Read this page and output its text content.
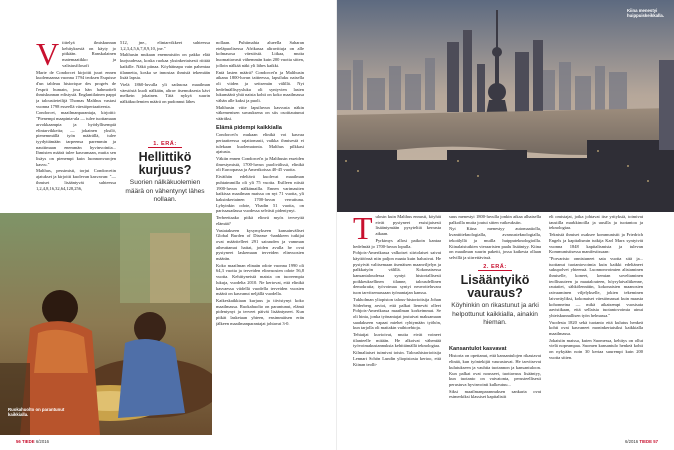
Viittelyä ilmiskunnan kehityksestä on käyty jo pitkään. Ranskalainen matemaatikko ja valistusfilosofi

Marie de Condorcet kirjoitti juuri ennen kuolemaansa vuonna 1794 teoksen Esquisse d'un tableau historique des progrès de l'esprit humain, josa hän hahmotteli ihmiskunnan edistystä. Englantilainen pappi ja taloustieteilijä Thomas Malthus vastasi vuonna 1798 esseellä väestöperiaatteesta.

Condorcet, maailmanparantaja, kirjoitti: "Pienempi maapinta-ala — tulee tuottamaan arvokkaampia ja hyödyllisempiä elintarvikkeita; — jokainen yksilö, pienemmällä työn määrällä, tulee tyydyttämään tarpeensa paremmin ja nauttimaan enemmän hyvinvointia... Ihmisten määrä tulee kasvamaan, mutta sen lisäys on pienempi kuin luonnonvarojen kasvu."

Malthus, pessimisti, torjui Condorcetin ajatukset ja kirjoitti kuolevan kasvavan: "— ihmiset lisääntyvät suhteessa 1,2,4,8,16,32,64,128,256,

512, jne., elintarvikkeet suhteessa 1,2,3,4,5,6,7,8,9,10, jne."

Malthusin mukaan enemmistön on pakko elää kurjuudessa, koska ruokaa yksinkertaisesti riittää kaikille. Näkä piinaa. Köyhäinapu vain pahentaa tilannetta, koska se innostaa ihmisiä tekemään lisää lapsia.

Vielä 1860-luvulla yli sadasosa maailman väestöstä kuoli nälkään, alirav itsemuksesta kävi melkein jokainen. Tätä nykyä suurin nälkäkuolemien määrä on pudonnut lähes

1. ERÄ:
Hellittikö
kurjuus?
Suorien nälkäkuolemien määrä on vähentynyt lähes nollaan.

nollaan. Puhtimahia alueella Saharan eteläpuolisessa Afrikassa aliravittuja on alle kolmasosa väestöstä. Liikaa, mutta huomattavasti vähemmän kuin 200 vuotta sitten, jolloin nälkää näki yli lähes kaikki.

Entä lasten määrä? Condorcet'n ja Malthusin aikana 1800-luvun taitteessa, lapsiluku naisella oli viiden ja seitsemän välillä. Nyt hedelmällisyysluku oli syntyvien lasten lukumäärä yhtä naista kohti on koko maailmassa vähän alle kaksi ja puoli.

Malthusin viite lapsiluvun kasvusta näkin väkemenisen suvauksena on siis osoittautunut vääräksi.

Elämä pidempi kaikkialla

Condorcet'n mukaan elinikä voi kasvaa periaatteessa rajattomasti, vaikka ihmisestä ei tulekaan kuolematonta. Malthus pilkkasi ajatusta.

Väkiin ennen Condorcet'n ja Malthusin esseiden ilmestymistä, 1700-luvun puolivälissä, elinikä oli Euroopassa ja Amerikoissa 40-45 vuotta.

Eiväthän edeltävä kuolevat maailman puhtaimmilla oli yli 75 vuotta. Esilleen niistä 1900-luvun nälkämailla. Ennen varimasiten kaikissa maailman maissa on nyt 71 vuotta, yli kaksinkertainen 1700-luvun verrattuna. Lyhyinkin odote, Yhadin 51 vuotta, on parissasadassa vuodessa selvästi pidentynyt.

Terbeettaako pitkä elinvä myös terveyttä elämää?

Vastatakseen kysymykseen kansainväliset Global Burden of Disease -hankkeen tutkijat ovat määritelleet 291 sairauden ja vamman aiheuttamat haitat, joiden avulla he ovat pystyneet laskemaan terveiden elinvuosien määrän.

Koko maailman elinaän odote vuonna 1990 oli 64,3 vuotta ja terveiden elinvuosien odote 56,8 vuotta. Kehittyneistä maista on tuoreempia lukuja, vuodelta 2010. Ne kertovat, että elinikä kasvaessa viidellä vuodella terveiden vuosien määrä on kasvanut neljällä vuodella.

Kaikeskaikkiaan kurjuus ja tiivistynyt koko maailmassa. Ruokahuolto on parantunut, elämä pidentynyt ja terveet päivät lisääntyneet. Kun pitkät lasketaan yhteen, ensimmäisen erän jälkeen maailmanparantajat johtavat 3-0.

Ruokahuolto on parantunut kaikkialla.
56 TIEDE 6/2016
Kiina menestyi huippuiskeikkalla.

Tulosin kuin Malthus ennusti, köyhät eivät pystyneet essisijaisesti lisääntymään pysyteltiä kerrasta aikaan.

Pyrkimys allosi paikoin kantaa hedelmää jo 1700-luvun lopulla.

Pohjois-Amerikassa valkoiset siirtolaiset saivat käyttöönsä niin paljon maata kuin halusivat. He pystyivät valitsemaan itsenäisen maanviljelyn ja palkkatyön välillä. Kokonaisessa kansantaloudessa syntyi historiallisesti poikkeuksellinen tilanne, talousdellinen demokratia; työvoimaa syntyi neuvotteluvara tuon tarvitsemassaan työnantajan kanssa.

Tukholman yliopiston talous-historioitsija Johan Söderberg arvioi, että palkat lienevät olleet Pohjois-Amerikassa maailman korkeimmat. Se oli hinta, jonka työnantajat joutuivat maksamaan saadakseen vapaat miehet ryhtymään työhön, kun tarjolla oli maitakin vaihtoehtoja.

Tehtaijat kuvioivat, mutta eivät voineet tilanteelle mitään. He alkoivat vähentää työvoimakustannuksia kehittämällä teknologiaa.

Kilmaliaiset tuimivat toisin. Taloushistorioitsija Lennart Schön Lundin yliopistosta kertoo, että Kiinan teolli-

suus menestyi 1800-luvulla jonkin aikaa alhaisella palkoilla mutta joutui sitten vaikeuksiin.

Nyt Kiina menestyy automaatiolla, kvanttiteknologialla, avaruusteknologialla, tekoälyllä ja muilla huipputeknologioilla. Kiinalaistutkien vieraaristen paalu lisääntyy. Kiina on maailman suurin paketti, jossa kaikesta ollaan selvillä ja siirrettävissä.

2. ERÄ:
Lisääntyikö
vauraus?
Köyhinkin on rikastunut ja arki helpottunut kaikkialla, ainakin hieman.

Kansantulot kasvavat

Historia on opettanut, että kansantulojen rikastavat elinää, kun työntekijät vaurastuvat. He tarvitsevat kulutukseen ja vauhtia tuotannon ja kansantuloon. Kun palkat ovat nousseet, tuottavuus lisääntyy, kun tuotanto on vaivatonta, perusteellisesti perustuva hyvinvointi kulkeutuu...

Siksi maailmanparannuksen sankaria ovat esimerkiksi klassiset kapitalistit

eli omistajat, jotka johtavat itse yrityksiä, toimivat taustilla markkinoilla ja uusilla ja tuotantoa ja teknologiaa.

Teknistä ihmiset osaksee kommunistit ja Friedrich Engels ja kapitalismin tutkija Karl Marx syntyivät vuonna 1848 kapitalismista ja tulevan Kommunistisessa manifestissaan:

"Porvaristo onnistuneet sata vuotta sitä ja... tuottanut tuotantovoimia kuin kaikki edeltäneet sukupolvet yhteensä. Luonnonvoimien alistaminen ihmiselle, koneet, kemian soveltaminen teollisuuteen ja maatalouteen, höyrylaivaliikenne, rautatiet, sähkölennätin, kokonaisten maanosien raivaaminen viljelykselle, jokien tekeminen laivaväyliksi, kokonaiset väestömassat kuin maasta kohonneina — mikä aikaisempi vuosisata aavistikaan, että sellaisia tuotantovoimia uinui yhteiskunnallisen työn helmassa."

Vuodesta 1820 sekä tuotanto että kulutus henkeä kohti ovat kasvaneet moninkertaisiksi kaikkialla maailmassa.

Jokaisiin maissa, kuten Suomessa, kehitys on ollut vielä nopeampaa. Suomen kansantulo henkeä kohti on nykyään noin 30 kertaa suurempi kuin 200 vuotta sitten.

6/2016 TIEDE 57
